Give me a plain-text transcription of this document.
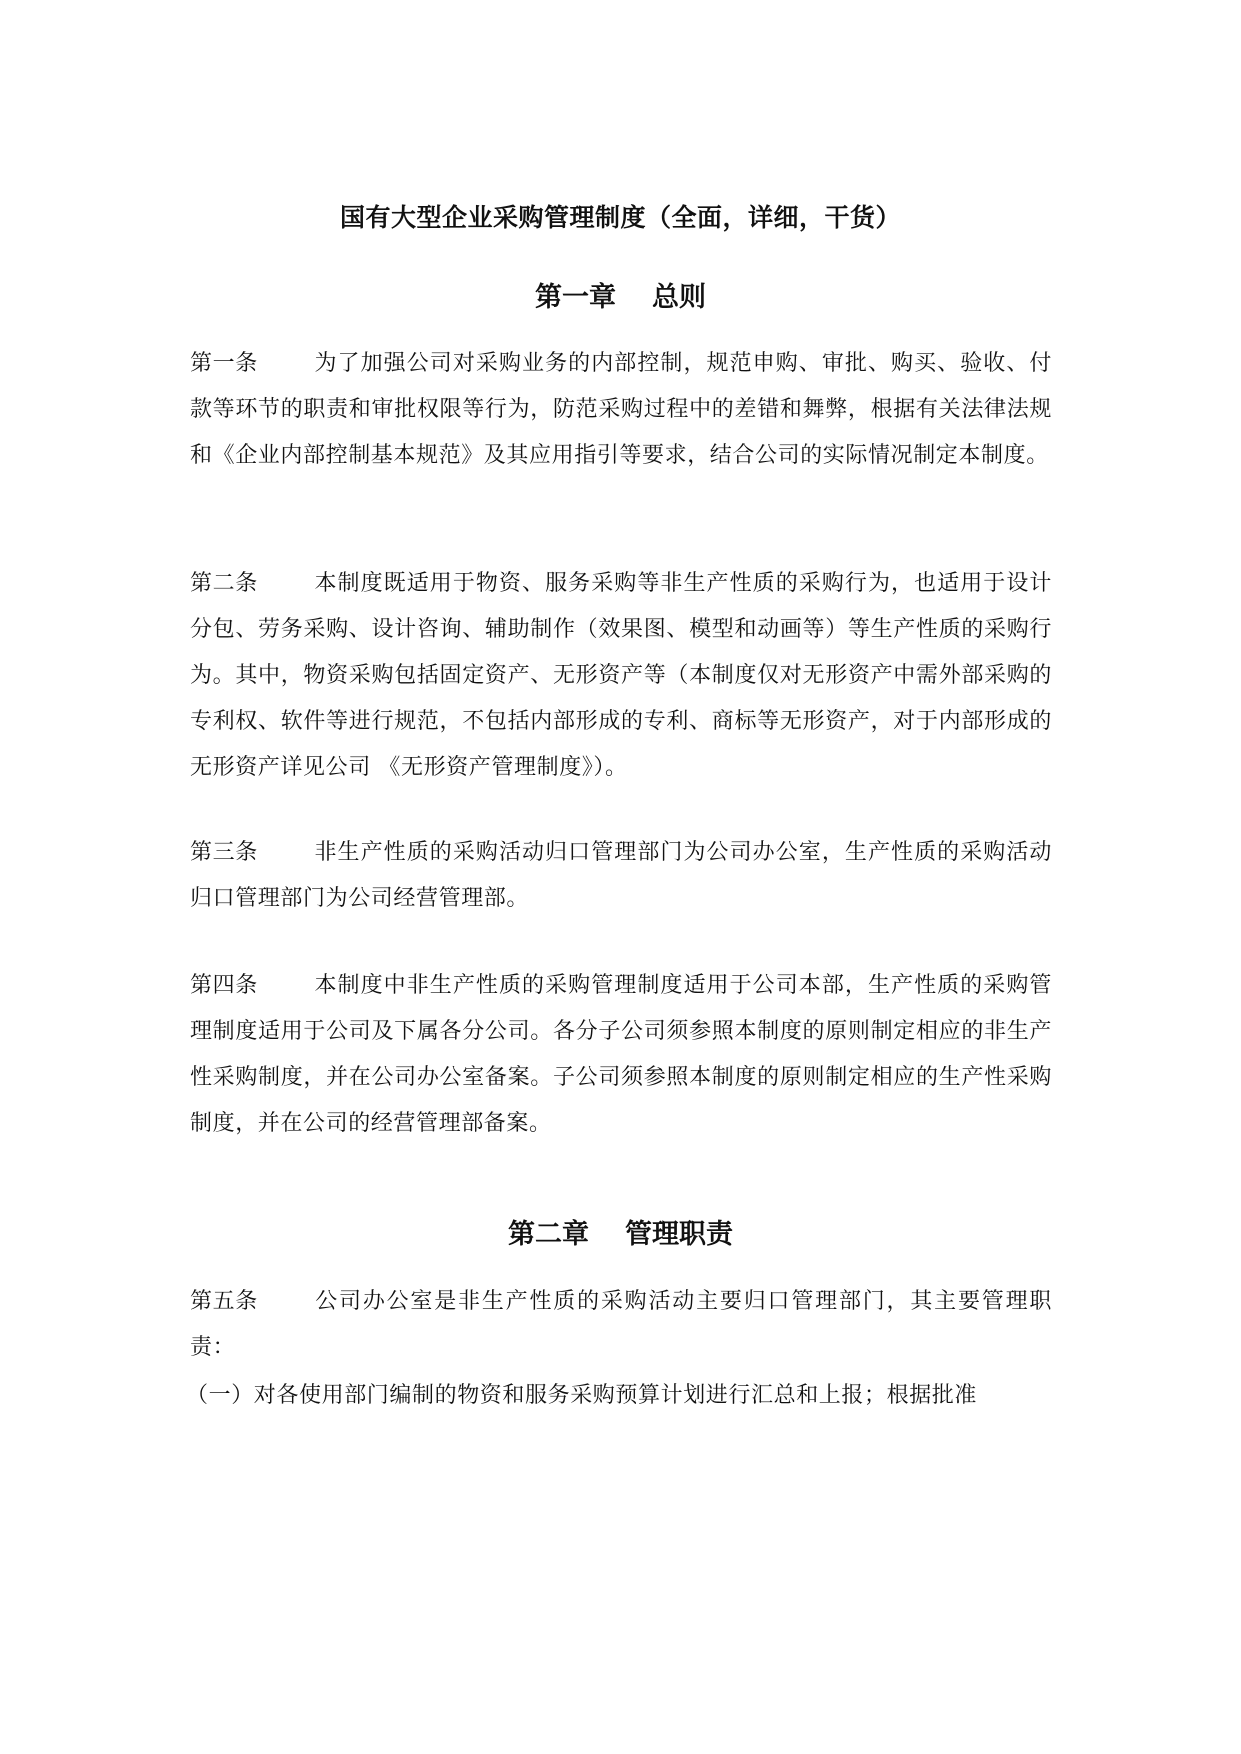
国有大型企业采购管理制度（全面，详细，干货）
第一章 总则

第一条	为了加强公司对采购业务的内部控制，规范申购、审批、购买、验收、付款等环节的职责和审批权限等行为，防范采购过程中的差错和舞弊，根据有关法律法规和《企业内部控制基本规范》及其应用指引等要求，结合公司的实际情况制定本制度。

第二条	本制度既适用于物资、服务采购等非生产性质的采购行为，也适用于设计分包、劳务采购、设计咨询、辅助制作（效果图、模型和动画等）等生产性质的采购行为。其中，物资采购包括固定资产、无形资产等（本制度仅对无形资产中需外部采购的专利权、软件等进行规范，不包括内部形成的专利、商标等无形资产，对于内部形成的无形资产详见公司 《无形资产管理制度》）。

第三条	非生产性质的采购活动归口管理部门为公司办公室，生产性质的采购活动归口管理部门为公司经营管理部。

第四条	本制度中非生产性质的采购管理制度适用于公司本部，生产性质的采购管理制度适用于公司及下属各分公司。各分子公司须参照本制度的原则制定相应的非生产性采购制度，并在公司办公室备案。子公司须参照本制度的原则制定相应的生产性采购制度，并在公司的经营管理部备案。

第二章 管理职责

第五条	公司办公室是非生产性质的采购活动主要归口管理部门，其主要管理职责：

（一）对各使用部门编制的物资和服务采购预算计划进行汇总和上报；根据批准
